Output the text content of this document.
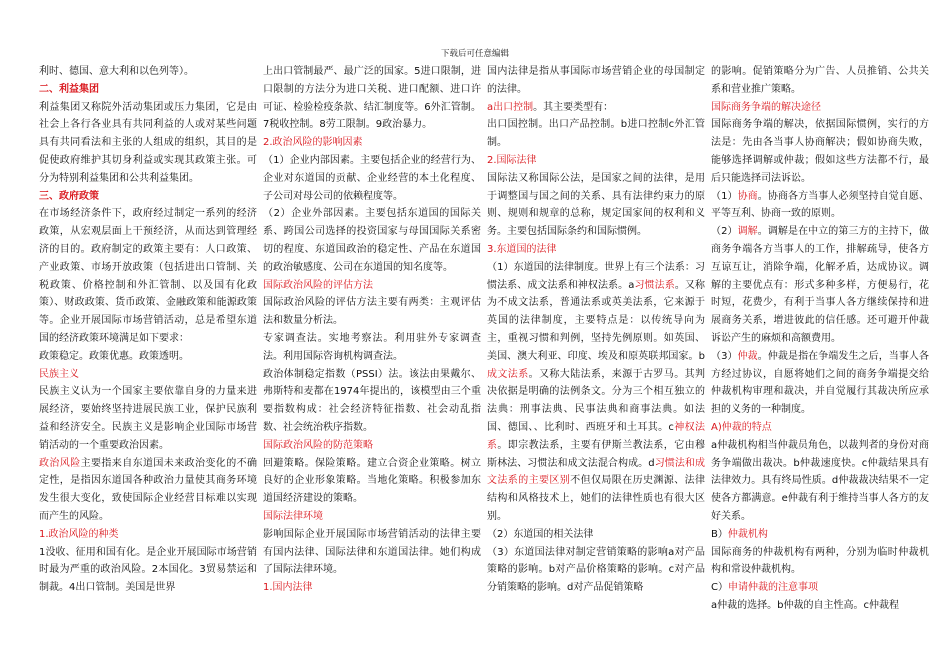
下载后可任意编辑

利时、德国、意大利和以色列等）。

二、利益集团

利益集团又称院外活动集团或压力集团，它是由社会上各行各业具有共同利益的人或对某些问题具有共同看法和主张的人组成的组织，其目的是促使政府维护其切身利益或实现其政策主张。可分为特别利益集团和公共利益集团。

三、政府政策

在市场经济条件下，政府经过制定一系列的经济政策，从宏观层面上干预经济，从而达到管理经济的目的。政府制定的政策主要有：人口政策、产业政策、市场开放政策（包括进出口管制、关税政策、价格控制和外汇管制、以及国有化政策）、财政政策、货币政策、金融政策和能源政策等。企业开展国际市场营销活动，总是希望东道国的经济政策环境满足如下要求：

政策稳定。政策优惠。政策透明。

民族主义

民族主义认为一个国家主要依靠自身的力量来进展经济，要始终坚持进展民族工业，保护民族利益和经济安全。民族主义是影响企业国际市场营销活动的一个重要政治因素。

政治风险主要指来自东道国未来政治变化的不确定性，是指因东道国各种政治力量使其商务环境发生很大变化，致使国际企业经营目标难以实现而产生的风险。

1.政治风险的种类

1没收、征用和国有化。是企业开展国际市场营销时最为严重的政治风险。2本国化。3贸易禁运和制裁。4出口管制。美国是世界

上出口管制最严、最广泛的国家。5进口限制，进口限制的方法分为进口关税、进口配额、进口许可证、检验检疫条款、结汇制度等。6外汇管制。7税收控制。8劳工限制。9政治暴力。

2.政治风险的影响因素

（1）企业内部因素。主要包括企业的经营行为、企业对东道国的贡献、企业经营的本土化程度、子公司对母公司的依赖程度等。

（2）企业外部因素。主要包括东道国的国际关系、跨国公司选择的投资国家与母国国际关系密切的程度、东道国政治的稳定性、产品在东道国的政治敏感度、公司在东道国的知名度等。

国际政治风险的评估方法

国际政治风险的评估方法主要有两类：主观评估法和数量分析法。

专家调查法。实地考察法。利用驻外专家调查法。利用国际咨询机构调查法。

政治体制稳定指数（PSSI）法。该法由果戴尔、弗斯特和麦都在1974年提出的，该模型由三个重要指数构成：社会经济特征指数、社会动乱指数、社会统治秩序指数。

国际政治风险的防范策略

回避策略。保险策略。建立合资企业策略。树立良好的企业形象策略。当地化策略。积极参加东道国经济建设的策略。

国际法律环境

影响国际企业开展国际市场营销活动的法律主要有国内法律、国际法律和东道国法律。她们构成了国际法律环境。

1.国内法律

国内法律是指从事国际市场营销企业的母国制定的法律。

a出口控制。其主要类型有：

出口国控制。出口产品控制。b进口控制c外汇管制。

2.国际法律

国际法又称国际公法，是国家之间的法律，是用于调整国与国之间的关系、具有法律约束力的原则、规则和规章的总称，规定国家间的权利和义务。主要包括国际条约和国际惯例。

3.东道国的法律

（1）东道国的法律制度。世界上有三个法系：习惯法系、成文法系和神权法系。a习惯法系。又称为不成文法系，普通法系或英美法系，它来源于英国的法律制度，主要特点是：以传统导向为主，重视习惯和判例，坚持先例原则。如英国、美国、澳大利亚、印度、埃及和原英联邦国家。b成文法系。又称大陆法系，来源于古罗马。其判决依据是明确的法例条文。分为三个相互独立的法典：刑事法典、民事法典和商事法典。如法国、德国、、比利时、西班牙和土耳其。c神权法系。即宗教法系，主要有伊斯兰教法系，它由穆斯林法、习惯法和成文法混合构成。d习惯法和成文法系的主要区别不但仅局限在历史渊源、法律结构和风格技术上，她们的法律性质也有很大区别。

（2）东道国的相关法律

（3）东道国法律对制定营销策略的影响a对产品策略的影响。b对产品价格策略的影响。c对产品分销策略的影响。d对产品促销策略

的影响。促销策略分为广告、人员推销、公共关系和营业推广策略。

国际商务争端的解决途径

国际商务争端的解决，依据国际惯例，实行的方法是：先由各当事人协商解决；假如协商失败，能够选择调解或仲裁；假如这些方法都不行，最后只能选择司法诉讼。

（1）协商。协商各方当事人必须坚持自觉自愿、平等互利、协商一致的原则。

（2）调解。调解是在中立的第三方的主持下，做商务争端各方当事人的工作，排解疏导，使各方互谅互让，消除争端，化解矛盾，达成协议。调解的主要优点有：形式多种多样，方便易行，花时短，花费少，有利于当事人各方继续保持和进展商务关系，增进彼此的信任感。还可避开仲裁诉讼产生的麻烦和高额费用。

（3）仲裁。仲裁是指在争端发生之后，当事人各方经过协议，自愿将她们之间的商务争端提交给仲裁机构审理和裁决，并自觉履行其裁决所应承担的义务的一种制度。

A)仲裁的特点

a仲裁机构相当仲裁员角色，以裁判者的身份对商务争端做出裁决。b仲裁速度快。c仲裁结果具有法律效力。具有终局性质。d仲裁裁决结果不一定使各方都满意。e仲裁有利于维持当事人各方的友好关系。

B）仲裁机构

国际商务的仲裁机构有两种，分别为临时仲裁机构和常设仲裁机构。

C）申请仲裁的注意事项

a仲裁的选择。b仲裁的自主性高。c仲裁程
